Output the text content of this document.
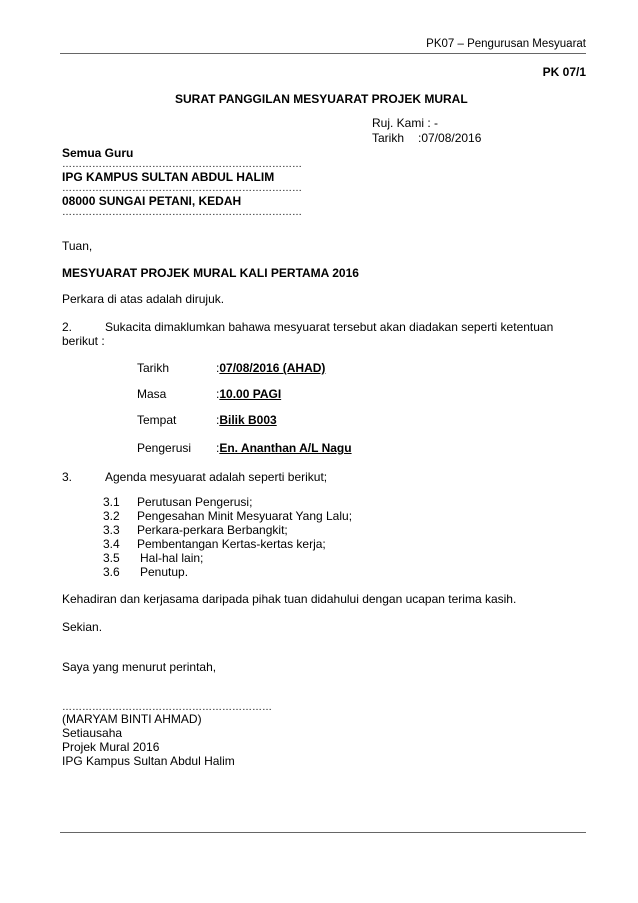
PK07 – Pengurusan Mesyuarat
PK 07/1
SURAT PANGGILAN MESYUARAT PROJEK MURAL
Ruj. Kami : -
Tarikh :07/08/2016
Semua Guru
………………………………………………………………
IPG KAMPUS SULTAN ABDUL HALIM
………………………………………………………………
08000 SUNGAI PETANI, KEDAH
………………………………………………………………
Tuan,
MESYUARAT PROJEK MURAL KALI PERTAMA 2016
Perkara di atas adalah dirujuk.
2.	Sukacita dimaklumkan bahawa mesyuarat tersebut akan diadakan seperti ketentuan
berikut :
Tarikh	:07/08/2016 (AHAD)
Masa	:10.00 PAGI
Tempat	:Bilik B003
Pengerusi :En. Ananthan A/L Nagu
3.	Agenda mesyuarat adalah seperti berikut;
3.1 Perutusan Pengerusi;
3.2 Pengesahan Minit Mesyuarat Yang Lalu;
3.3 Perkara-perkara Berbangkit;
3.4 Pembentangan Kertas-kertas kerja;
3.5 Hal-hal lain;
3.6 Penutup.
Kehadiran dan kerjasama daripada pihak tuan didahului dengan ucapan terima kasih.
Sekian.
Saya yang menurut perintah,
………………………………………………………
(MARYAM BINTI AHMAD)
Setiausaha
Projek Mural 2016
IPG Kampus Sultan Abdul Halim
